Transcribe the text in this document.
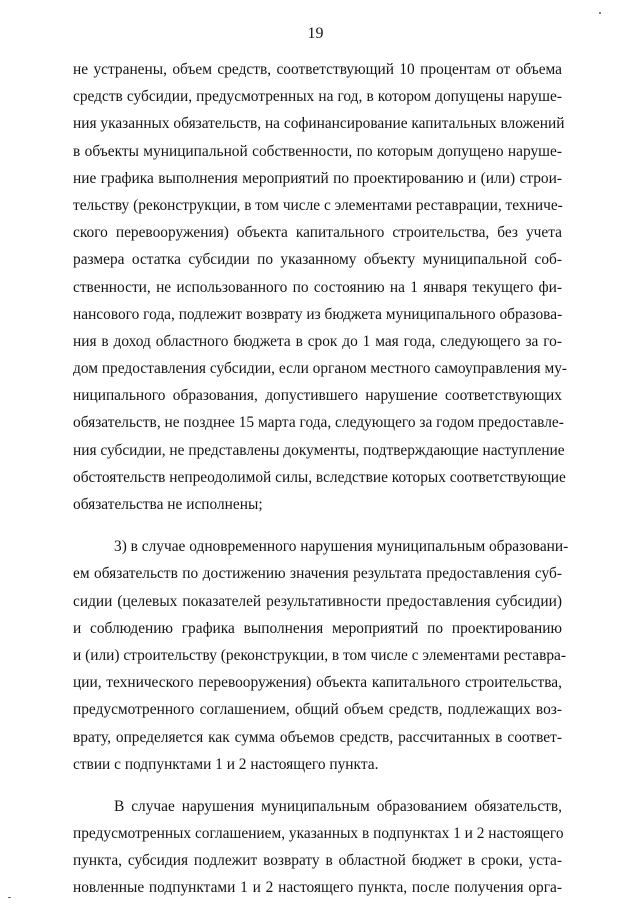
19
не устранены, объем средств, соответствующий 10 процентам от объема
средств субсидии, предусмотренных на год, в котором допущены наруше-
ния указанных обязательств, на софинансирование капитальных вложений
в объекты муниципальной собственности, по которым допущено наруше-
ние графика выполнения мероприятий по проектированию и (или) строи-
тельству (реконструкции, в том числе с элементами реставрации, техниче-
ского перевооружения) объекта капитального строительства, без учета
размера остатка субсидии по указанному объекту муниципальной соб-
ственности, не использованного по состоянию на 1 января текущего фи-
нансового года, подлежит возврату из бюджета муниципального образова-
ния в доход областного бюджета в срок до 1 мая года, следующего за го-
дом предоставления субсидии, если органом местного самоуправления му-
ниципального образования, допустившего нарушение соответствующих
обязательств, не позднее 15 марта года, следующего за годом предоставле-
ния субсидии, не представлены документы, подтверждающие наступление
обстоятельств непреодолимой силы, вследствие которых соответствующие
обязательства не исполнены;
3) в случае одновременного нарушения муниципальным образовани-
ем обязательств по достижению значения результата предоставления суб-
сидии (целевых показателей результативности предоставления субсидии)
и соблюдению графика выполнения мероприятий по проектированию
и (или) строительству (реконструкции, в том числе с элементами реставра-
ции, технического перевооружения) объекта капитального строительства,
предусмотренного соглашением, общий объем средств, подлежащих воз-
врату, определяется как сумма объемов средств, рассчитанных в соответ-
ствии с подпунктами 1 и 2 настоящего пункта.
В случае нарушения муниципальным образованием обязательств,
предусмотренных соглашением, указанных в подпунктах 1 и 2 настоящего
пункта, субсидия подлежит возврату в областной бюджет в сроки, уста-
новленные подпунктами 1 и 2 настоящего пункта, после получения орга-
